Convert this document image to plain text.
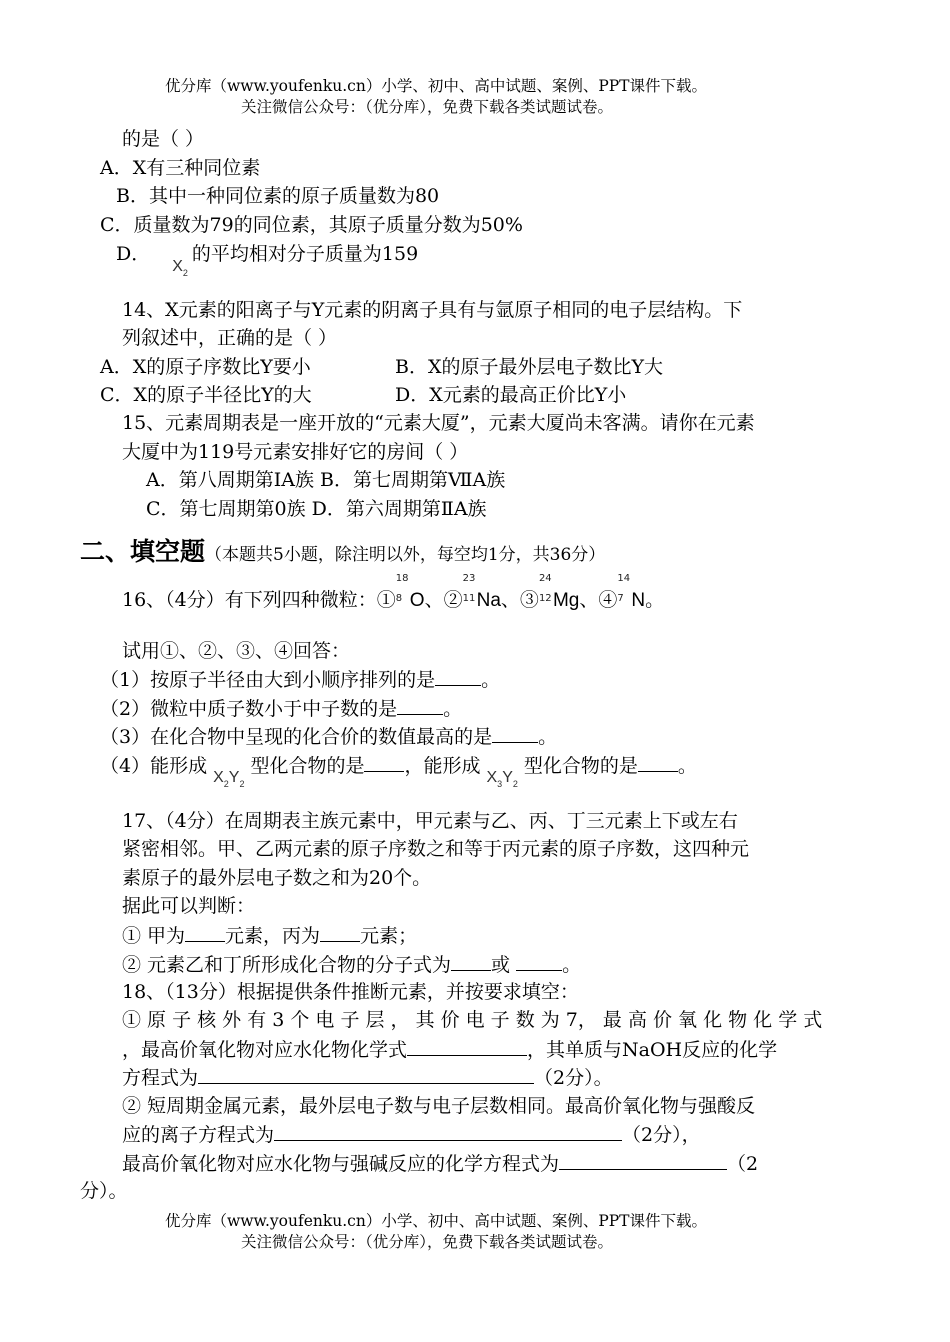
优分库（www.youfenku.cn）小学、初中、高中试题、案例、PPT课件下载。
关注微信公众号：（优分库），免费下载各类试题试卷。
的是（ ）
A．X有三种同位素
B．其中一种同位素的原子质量数为80
C．质量数为79的同位素，其原子质量分数为50%
D．$_{X_2}$的平均相对分子质量为159
14、X元素的阳离子与Y元素的阴离子具有与氩原子相同的电子层结构。下
列叙述中，正确的是（ ）
A．X的原子序数比Y要小	B．X的原子最外层电子数比Y大
C．X的原子半径比Y的大	D．X元素的最高正价比Y小
15、元素周期表是一座开放的“元素大厦”，元素大厦尚未客满。请你在元素
大厦中为119号元素安排好它的房间（ ）
A．第八周期第IA族 B．第七周期第ⅦA族
C．第七周期第0族 D．第六周期第ⅡA族
二、填空题（本题共5小题，除注明以外，每空均1分，共36分）
16、（4分）有下列四种微粒：①
18
8 O、②
23
11 Na、③
24
12 Mg、④
14
7 N。
试用①、②、③、④回答：
（1）按原子半径由大到小顺序排列的是 。
（2）微粒中质子数小于中子数的是 。
（3）在化合物中呈现的化合价的数值最高的是 。
（4）能形成$_{X_2Y_2}$型化合物的是 ，能形成$_{X_3Y_2}$型化合物的是 。
17、（4分）在周期表主族元素中，甲元素与乙、丙、丁三元素上下或左右
紧密相邻。甲、乙两元素的原子序数之和等于丙元素的原子序数，这四种元
素原子的最外层电子数之和为20个。
据此可以判断：
① 甲为 元素，丙为 元素；
② 元素乙和丁所形成化合物的分子式为 或	。
18、（13分）根据提供条件推断元素，并按要求填空：
① 原 子 核 外 有 3 个 电 子 层 ， 其 价 电 子 数 为 7， 最 高 价 氧 化 物 化 学 式
，最高价氧化物对应水化物化学式	，其单质与NaOH反应的化学
方程式为	（2分）。
② 短周期金属元素，最外层电子数与电子层数相同。最高价氧化物与强酸反
应的离子方程式为	（2分），
最高价氧化物对应水化物与强碱反应的化学方程式为	（2
分）。
优分库（www.youfenku.cn）小学、初中、高中试题、案例、PPT课件下载。
关注微信公众号：（优分库），免费下载各类试题试卷。
